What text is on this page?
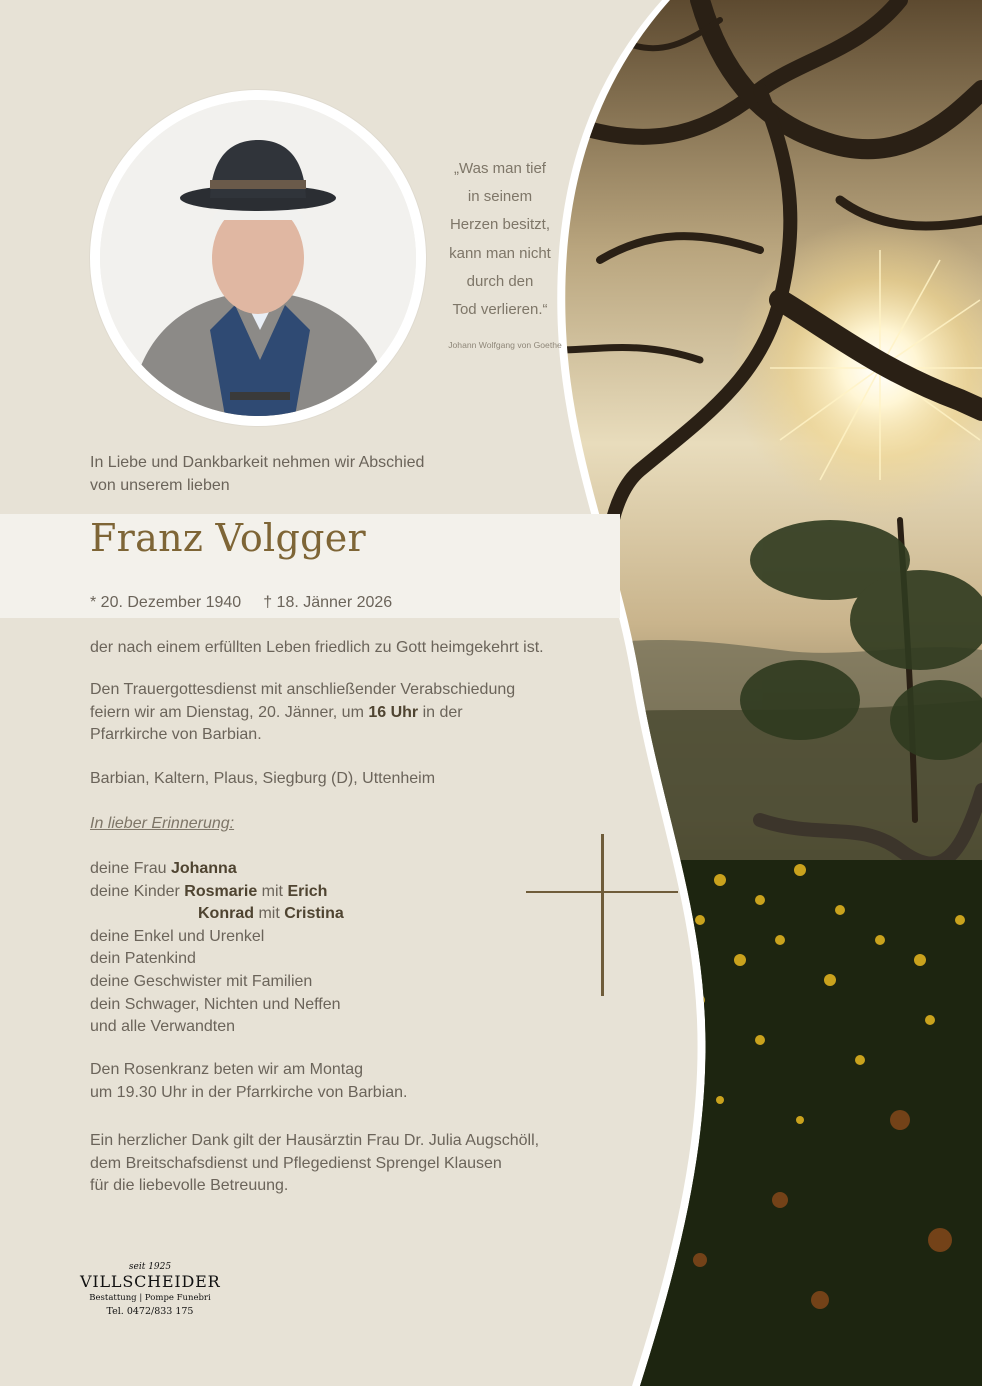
„Was man tief
in seinem
Herzen besitzt,
kann man nicht
durch den
Tod verlieren.“
Johann Wolfgang von Goethe
In Liebe und Dankbarkeit nehmen wir Abschied
von unserem lieben
Franz Volgger
* 20. Dezember 1940 † 18. Jänner 2026
der nach einem erfüllten Leben friedlich zu Gott heimgekehrt ist.
Den Trauergottesdienst mit anschließender Verabschiedung
feiern wir am Dienstag, 20. Jänner, um 16 Uhr in der
Pfarrkirche von Barbian.
Barbian, Kaltern, Plaus, Siegburg (D), Uttenheim
In lieber Erinnerung:
deine Frau Johanna
deine Kinder Rosmarie mit Erich
Konrad mit Cristina
deine Enkel und Urenkel
dein Patenkind
deine Geschwister mit Familien
dein Schwager, Nichten und Neffen
und alle Verwandten
Den Rosenkranz beten wir am Montag
um 19.30 Uhr in der Pfarrkirche von Barbian.
Ein herzlicher Dank gilt der Hausärztin Frau Dr. Julia Augschöll,
dem Breitschafsdienst und Pflegedienst Sprengel Klausen
für die liebevolle Betreuung.
seit 1925
VILLSCHEIDER
Bestattung | Pompe Funebri
Tel. 0472/833 175
